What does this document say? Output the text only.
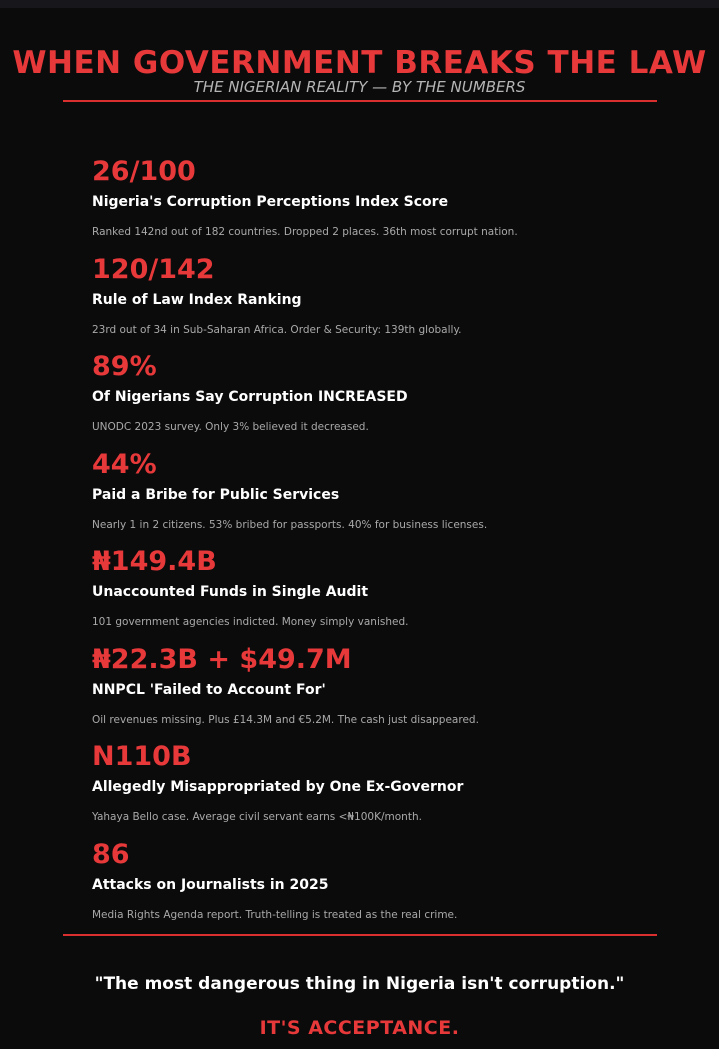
WHEN GOVERNMENT BREAKS THE LAW
THE NIGERIAN REALITY — BY THE NUMBERS
26/100
Nigeria's Corruption Perceptions Index Score
Ranked 142nd out of 182 countries. Dropped 2 places. 36th most corrupt nation.
120/142
Rule of Law Index Ranking
23rd out of 34 in Sub-Saharan Africa. Order & Security: 139th globally.
89%
Of Nigerians Say Corruption INCREASED
UNODC 2023 survey. Only 3% believed it decreased.
44%
Paid a Bribe for Public Services
Nearly 1 in 2 citizens. 53% bribed for passports. 40% for business licenses.
₦149.4B
Unaccounted Funds in Single Audit
101 government agencies indicted. Money simply vanished.
₦22.3B + $49.7M
NNPCL 'Failed to Account For'
Oil revenues missing. Plus £14.3M and €5.2M. The cash just disappeared.
N110B
Allegedly Misappropriated by One Ex-Governor
Yahaya Bello case. Average civil servant earns <₦100K/month.
86
Attacks on Journalists in 2025
Media Rights Agenda report. Truth-telling is treated as the real crime.
"The most dangerous thing in Nigeria isn't corruption."
IT'S ACCEPTANCE.
